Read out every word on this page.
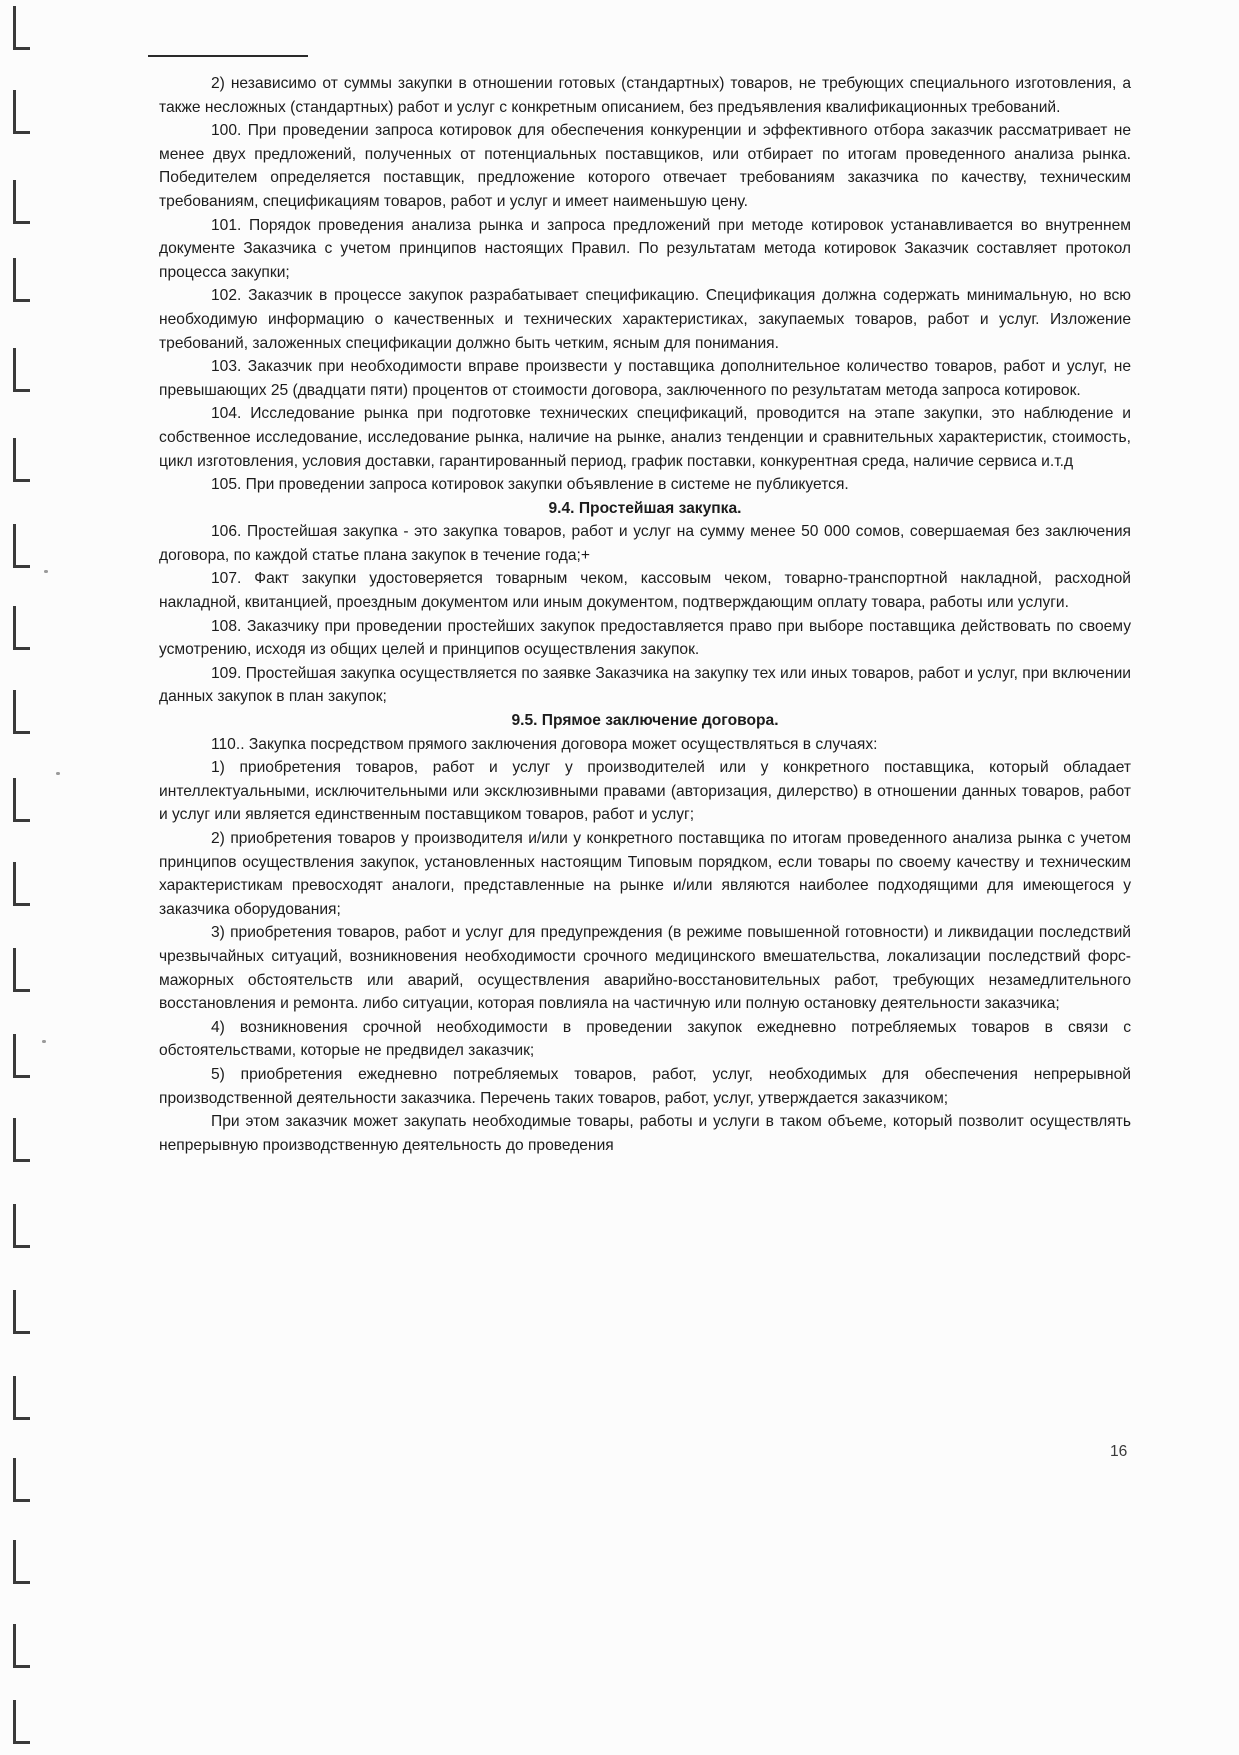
2) независимо от суммы закупки в отношении готовых (стандартных) товаров, не требующих специального изготовления, а также несложных (стандартных) работ и услуг с конкретным описанием, без предъявления квалификационных требований.

100. При проведении запроса котировок для обеспечения конкуренции и эффективного отбора заказчик рассматривает не менее двух предложений, полученных от потенциальных поставщиков, или отбирает по итогам проведенного анализа рынка. Победителем определяется поставщик, предложение которого отвечает требованиям заказчика по качеству, техническим требованиям, спецификациям товаров, работ и услуг и имеет наименьшую цену.

101. Порядок проведения анализа рынка и запроса предложений при методе котировок устанавливается во внутреннем документе Заказчика с учетом принципов настоящих Правил. По результатам метода котировок Заказчик составляет протокол процесса закупки;

102. Заказчик в процессе закупок разрабатывает спецификацию. Спецификация должна содержать минимальную, но всю необходимую информацию о качественных и технических характеристиках, закупаемых товаров, работ и услуг. Изложение требований, заложенных спецификации должно быть четким, ясным для понимания.

103. Заказчик при необходимости вправе произвести у поставщика дополнительное количество товаров, работ и услуг, не превышающих 25 (двадцати пяти) процентов от стоимости договора, заключенного по результатам метода запроса котировок.

104. Исследование рынка при подготовке технических спецификаций, проводится на этапе закупки, это наблюдение и собственное исследование, исследование рынка, наличие на рынке, анализ тенденции и сравнительных характеристик, стоимость, цикл изготовления, условия доставки, гарантированный период, график поставки, конкурентная среда, наличие сервиса и.т.д

105. При проведении запроса котировок закупки объявление в системе не публикуется.

9.4. Простейшая закупка.

106. Простейшая закупка - это закупка товаров, работ и услуг на сумму менее 50 000 сомов, совершаемая без заключения договора, по каждой статье плана закупок в течение года;+

107. Факт закупки удостоверяется товарным чеком, кассовым чеком, товарно-транспортной накладной, расходной накладной, квитанцией, проездным документом или иным документом, подтверждающим оплату товара, работы или услуги.

108. Заказчику при проведении простейших закупок предоставляется право при выборе поставщика действовать по своему усмотрению, исходя из общих целей и принципов осуществления закупок.

109. Простейшая закупка осуществляется по заявке Заказчика на закупку тех или иных товаров, работ и услуг, при включении данных закупок в план закупок;

9.5. Прямое заключение договора.

110.. Закупка посредством прямого заключения договора может осуществляться в случаях:

1) приобретения товаров, работ и услуг у производителей или у конкретного поставщика, который обладает интеллектуальными, исключительными или эксклюзивными правами (авторизация, дилерство) в отношении данных товаров, работ и услуг или является единственным поставщиком товаров, работ и услуг;

2) приобретения товаров у производителя и/или у конкретного поставщика по итогам проведенного анализа рынка с учетом принципов осуществления закупок, установленных настоящим Типовым порядком, если товары по своему качеству и техническим характеристикам превосходят аналоги, представленные на рынке и/или являются наиболее подходящими для имеющегося у заказчика оборудования;

3) приобретения товаров, работ и услуг для предупреждения (в режиме повышенной готовности) и ликвидации последствий чрезвычайных ситуаций, возникновения необходимости срочного медицинского вмешательства, локализации последствий форс-мажорных обстоятельств или аварий, осуществления аварийно-восстановительных работ, требующих незамедлительного восстановления и ремонта. либо ситуации, которая повлияла на частичную или полную остановку деятельности заказчика;

4) возникновения срочной необходимости в проведении закупок ежедневно потребляемых товаров в связи с обстоятельствами, которые не предвидел заказчик;

5) приобретения ежедневно потребляемых товаров, работ, услуг, необходимых для обеспечения непрерывной производственной деятельности заказчика. Перечень таких товаров, работ, услуг, утверждается заказчиком;

При этом заказчик может закупать необходимые товары, работы и услуги в таком объеме, который позволит осуществлять непрерывную производственную деятельность до проведения

16
